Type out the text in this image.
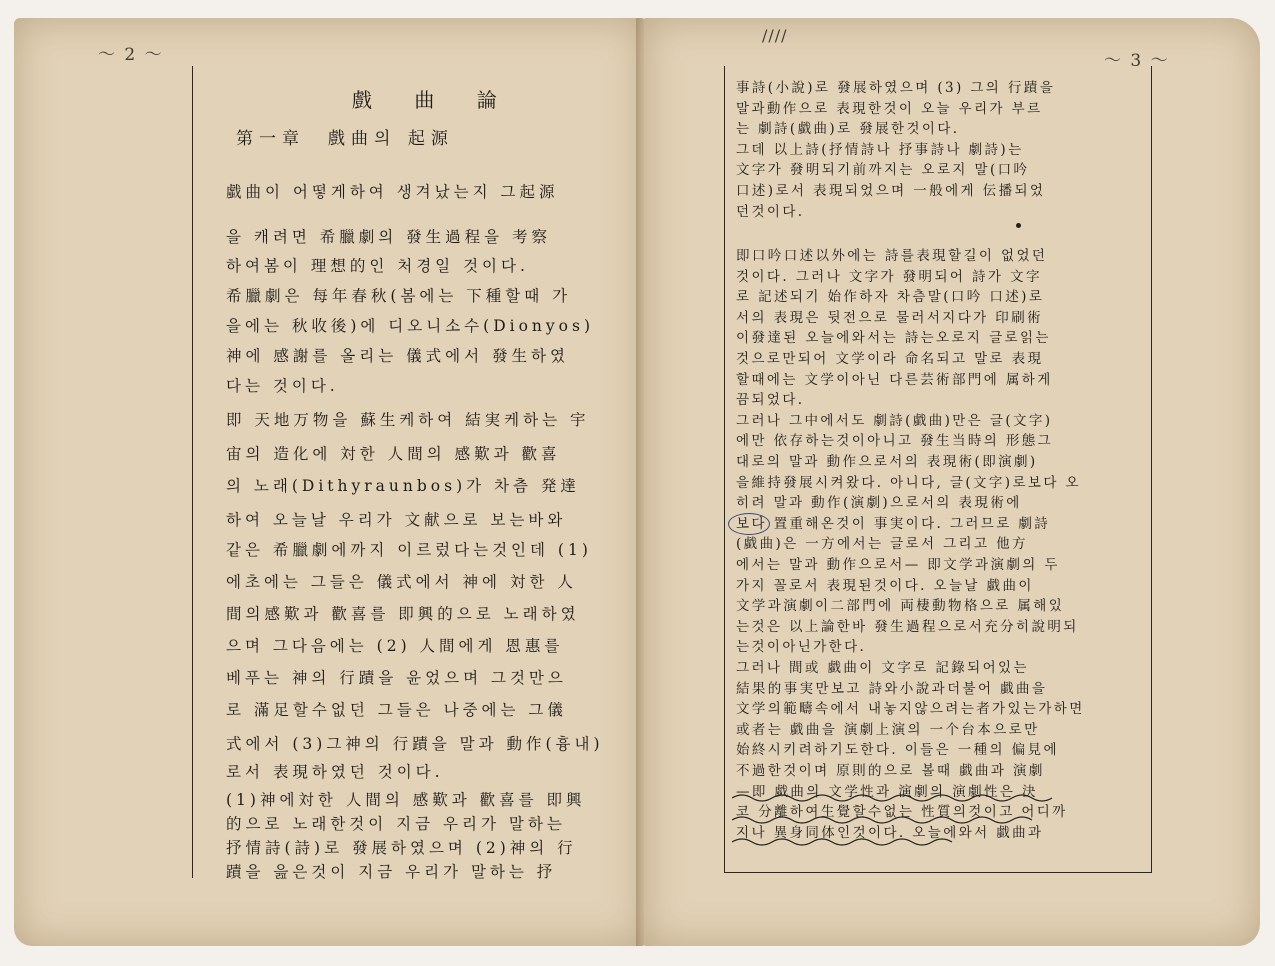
～ 2 ～
戲 曲 論
第一章　戲曲의 起源
戱曲이 어떻게하여 생겨났는지 그起源
을 캐려면 希臘劇의 發生過程을 考察
하여봄이 理想的인 처경일 것이다.
希臘劇은 每年春秋(봄에는 下種할때 가
을에는 秋收後)에 디오니소수(Dionyos)
神에 感謝를 올리는 儀式에서 發生하였
다는 것이다.
即 天地万物을 蘇生케하여 結実케하는 宇
宙의 造化에 対한 人間의 感歎과 歡喜
의 노래(Dithyraunbos)가 차츰 発達
하여 오늘날 우리가 文献으로 보는바와
같은 希臘劇에까지 이르렀다는것인데 (1)
에초에는 그들은 儀式에서 神에 対한 人
間의感歎과 歡喜를 即興的으로 노래하였
으며 그다음에는 (2) 人間에게 恩惠를
베푸는 神의 行蹟을 윤었으며 그것만으
로 滿足할수없던 그들은 나중에는 그儀
式에서 (3)그神의 行蹟을 말과 動作(흉내)
로서 表現하였던 것이다.
(1)神에対한 人間의 感歎과 歡喜를 即興
的으로 노래한것이 지금 우리가 말하는
抒情詩(詩)로 發展하였으며 (2)神의 行
蹟을 읊은것이 지금 우리가 말하는 抒
////
～ 3 ～
事詩(小說)로 發展하였으며 (3) 그의 行蹟을
말과動作으로 表現한것이 오늘 우리가 부르
는 劇詩(戱曲)로 發展한것이다.
그데 以上詩(抒情詩나 抒事詩나 劇詩)는
文字가 發明되기前까지는 오로지 말(口吟
口述)로서 表現되었으며 一般에게 伝播되었
던것이다.
即口吟口述以外에는 詩를表現할길이 없었던
것이다. 그러나 文字가 發明되어 詩가 文字
로 記述되기 始作하자 차츰말(口吟 口述)로
서의 表現은 뒷전으로 물러서지다가 印刷術
이發達된 오늘에와서는 詩는오로지 글로읽는
것으로만되어 文学이라 命名되고 말로 表現
할때에는 文学이아닌 다른芸術部門에 属하게
끔되었다.
그러나 그中에서도 劇詩(戱曲)만은 글(文字)
에만 依存하는것이아니고 發生当時의 形態그
대로의 말과 動作으로서의 表現術(即演劇)
을維持發展시켜왔다. 아니다, 글(文字)로보다 오
히려 말과 動作(演劇)으로서의 表現術에
보다 置重해온것이 事実이다. 그러므로 劇詩
(戱曲)은 一方에서는 글로서 그리고 他方
에서는 말과 動作으로서— 即文学과演劇의 두
가지 꼴로서 表現된것이다. 오늘날 戱曲이
文学과演劇이二部門에 両棲動物格으로 属해있
는것은 以上論한바 發生過程으로서充分히說明되
는것이아닌가한다.
그러나 間或 戱曲이 文字로 記錄되어있는
結果的事実만보고 詩와小說과더불어 戱曲을
文学의範疇속에서 내놓지않으려는者가있는가하면
或者는 戱曲을 演劇上演의 一个台本으로만
始終시키려하기도한다. 이들은 一種의 偏見에
不過한것이며 原則的으로 볼때 戱曲과 演劇
—即 戱曲의 文学性과 演劇의 演劇性은 決
코 分離하여生覺할수없는 性質의것이고 어디까
지나 異身同体인것이다. 오늘에와서 戱曲과
